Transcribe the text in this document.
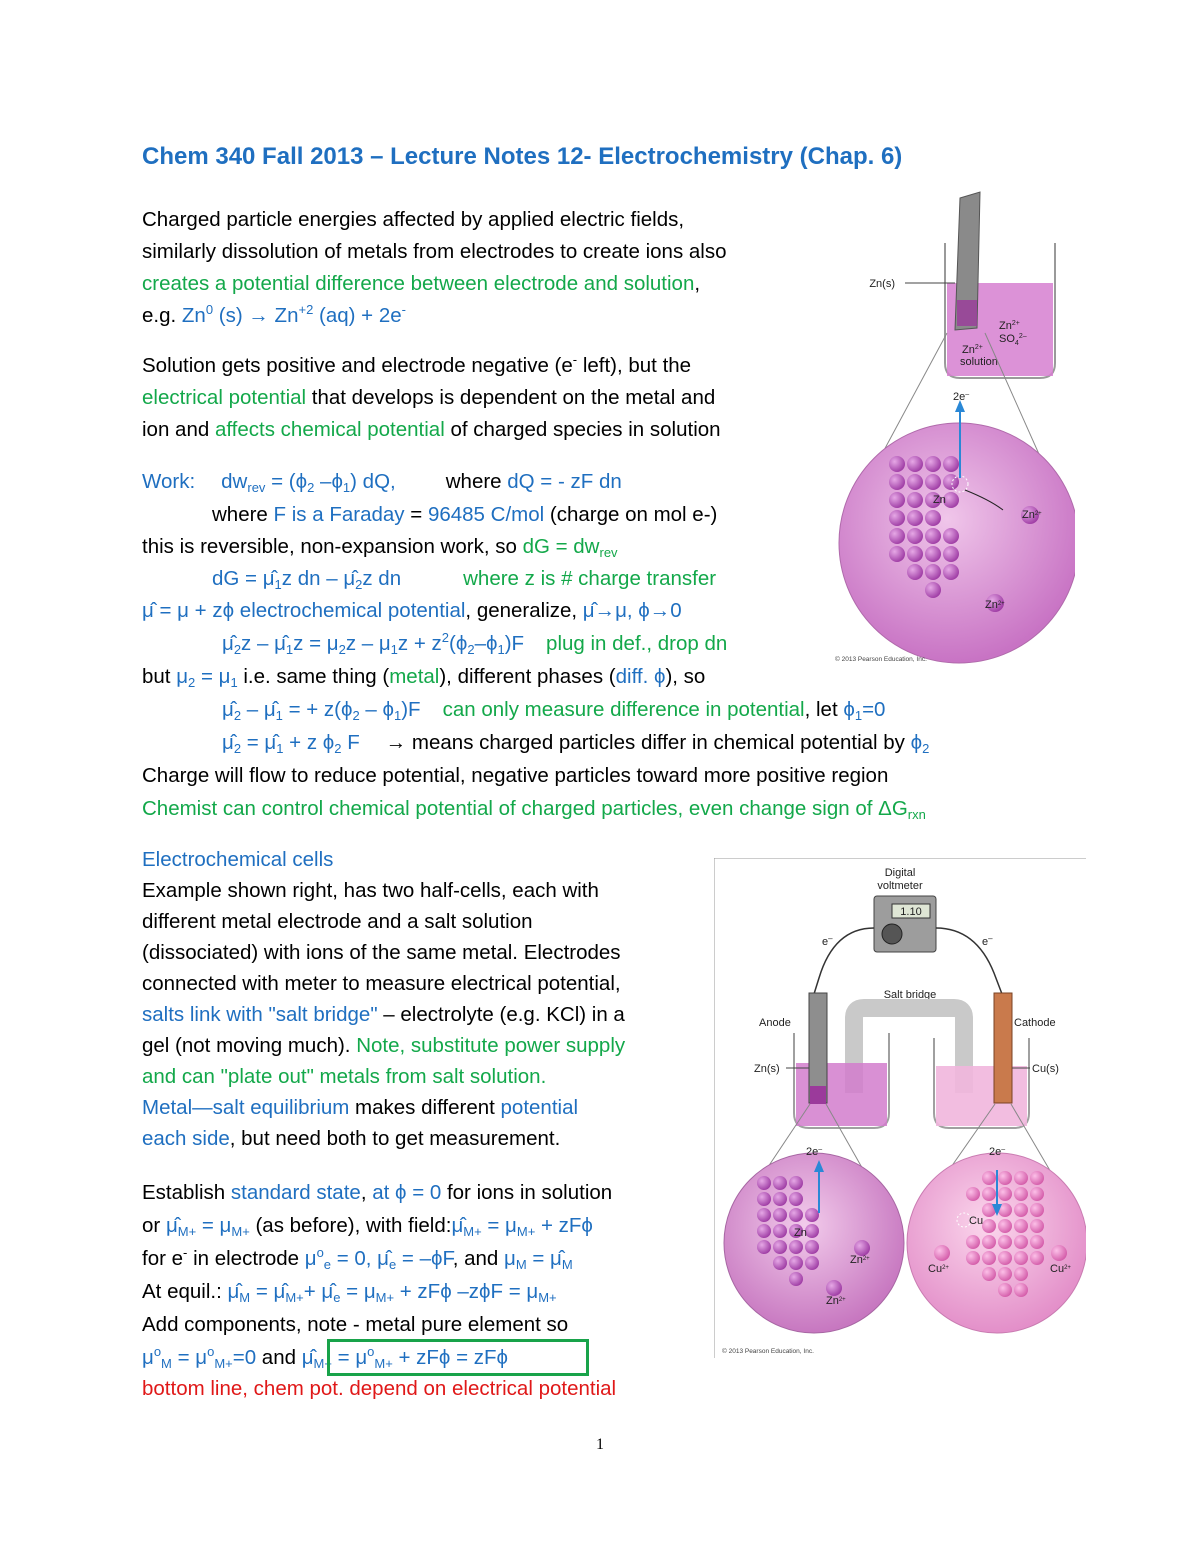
Chem 340 Fall 2013 – Lecture Notes 12- Electrochemistry (Chap. 6)
Charged particle energies affected by applied electric fields,
similarly dissolution of metals from electrodes to create ions also
creates a potential difference between electrode and solution,
e.g. Zn$^0$ $(s) \to Zn^{+2}$ (aq) + 2e-
Solution gets positive and electrode negative (e- left), but the
electrical potential that develops is dependent on the metal and
ion and affects chemical potential of charged species in solution
Work: $dw_{rev} = (\phi_2$ $-\phi_1$) dQ, where dQ = - zF dn
where F is a Faraday = 96485 C/mol (charge on mol e-)
this is reversible, non-expansion work, so dG = $dw_{rev}$
dG = $\mû_1z$ dn – $\mû_2z$ dn	where z is # charge transfer
μ̂ = μ + zϕ electrochemical potential, generalize, μ̂→μ, ϕ→0
$\mû_2z$ – $\mû_1z = \mu_2z - \mu_1z + z^2(\phi_2-\phi_1)F$ plug in def., drop dn
but $\mu_2 = \mu_1$ i.e. same thing (metal), different phases (diff. ϕ), so
$\mû_2$ – $\mû_1$ = + $z(\phi_2 - \phi_1)F$ can only measure difference in potential, let $\phi_1=0$
$\mû_2$ = $\mû_1 + z$ $\phi_2$ F → means charged particles differ in chemical potential by $\phi_2$
Charge will flow to reduce potential, negative particles toward more positive region
Chemist can control chemical potential of charged particles, even change sign of $\Delta G_{rxn}$
Electrochemical cells
Example shown right, has two half-cells, each with
different metal electrode and a salt solution
(dissociated) with ions of the same metal. Electrodes
connected with meter to measure electrical potential,
salts link with "salt bridge" – electrolyte (e.g. KCl) in a
gel (not moving much). Note, substitute power supply
and can "plate out" metals from salt solution.
Metal—salt equilibrium makes different potential
each side, but need both to get measurement.
Establish standard state, at ϕ = 0 for ions in solution
or $\mû_{M+} = \mu_{M+}$ (as before), with $field:\mû_{M+} = \mu_{M+} + zF\phi$
for e- in electrode $\mu^o_e = 0$, $\mû_e = -\phi F$, and $\mu_M$ = $\mû_M$
At equil.: $\mû_M$ = $\mû_{M+}+$ $\mû_e = \mu_{M+} + zF\phi$ $-z\phi F = \mu_{M+}$
Add components, note - metal pure element so
$\mu^o_M = \mu^o_{M+}=0$ and $\mû_{M+} = \mu^o_{M+} + zF\phi = zF\phi$
bottom line, chem pot. depend on electrical potential
Zn(s)
$Zn^{2+}$
$SO_4^{2-}$
$Zn^{2+}$
solution
$Zn^{2+}$
Zn
$Zn^{2+}$
2e–
© 2013 Pearson Education, Inc.
Digital
voltmeter
1.10
e–	e–
Salt bridge
Anode	Cathode
Zn(s)	Cu(s)
Zn
$Zn^{2+}$
$Zn^{2+}$
2e–
Cu
$Cu^{2+}$	$Cu^{2+}$
2e–
© 2013 Pearson Education, Inc.
1
